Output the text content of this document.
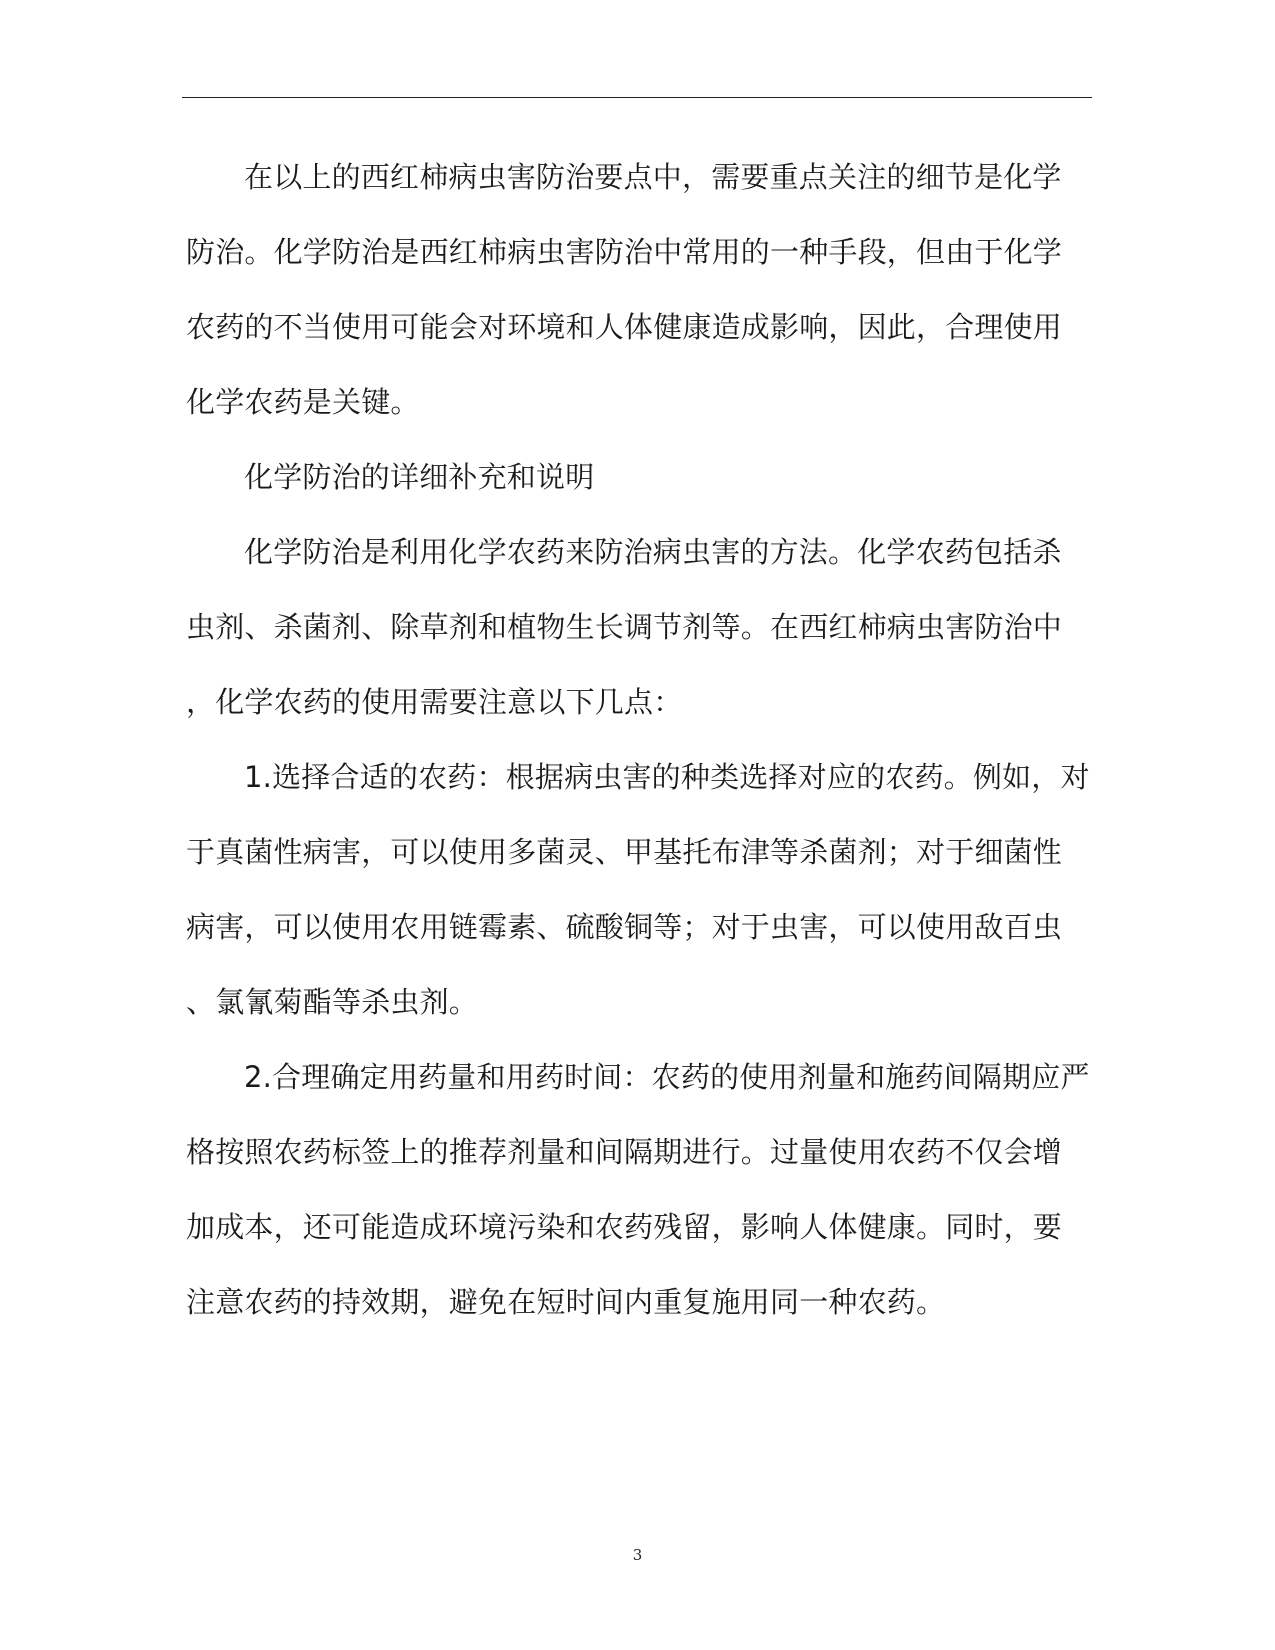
在以上的西红柿病虫害防治要点中，需要重点关注的细节是化学
防治。化学防治是西红柿病虫害防治中常用的一种手段，但由于化学
农药的不当使用可能会对环境和人体健康造成影响，因此，合理使用
化学农药是关键。
化学防治的详细补充和说明
化学防治是利用化学农药来防治病虫害的方法。化学农药包括杀
虫剂、杀菌剂、除草剂和植物生长调节剂等。在西红柿病虫害防治中
，化学农药的使用需要注意以下几点：
1.选择合适的农药：根据病虫害的种类选择对应的农药。例如，对
于真菌性病害，可以使用多菌灵、甲基托布津等杀菌剂；对于细菌性
病害，可以使用农用链霉素、硫酸铜等；对于虫害，可以使用敌百虫
、氯氰菊酯等杀虫剂。
2.合理确定用药量和用药时间：农药的使用剂量和施药间隔期应严
格按照农药标签上的推荐剂量和间隔期进行。过量使用农药不仅会增
加成本，还可能造成环境污染和农药残留，影响人体健康。同时，要
注意农药的持效期，避免在短时间内重复施用同一种农药。
3
